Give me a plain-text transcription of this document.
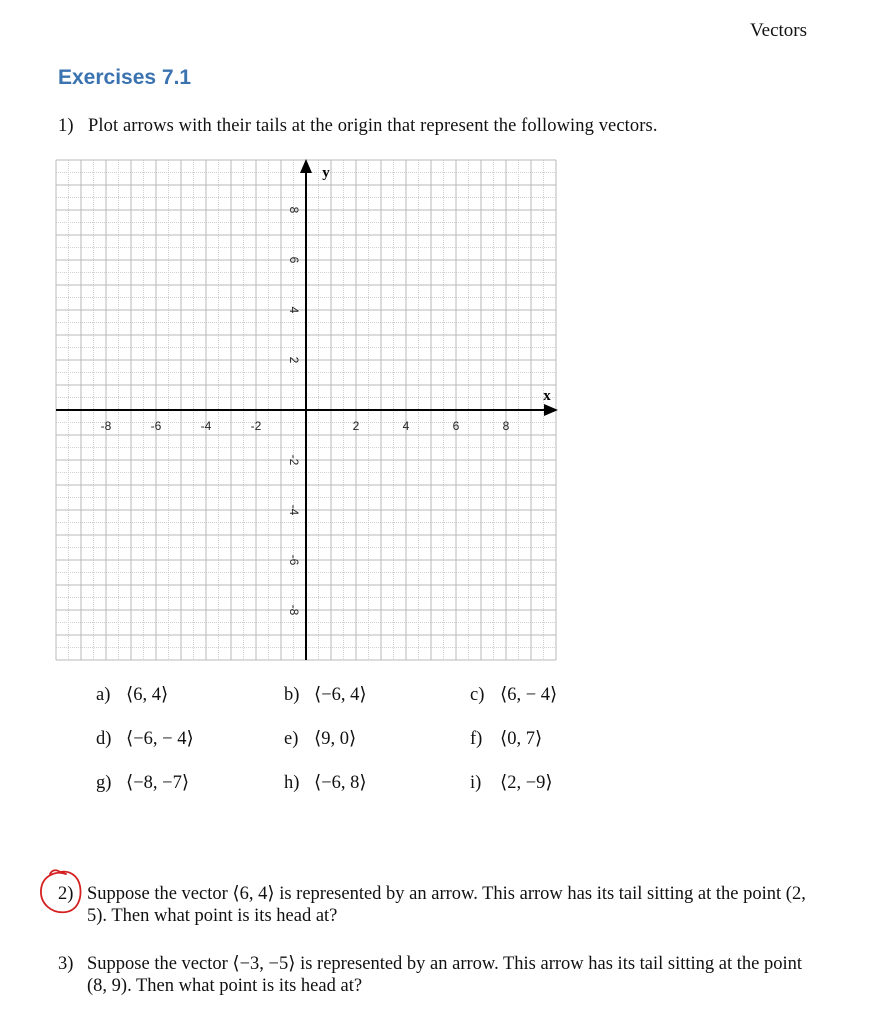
Vectors
Exercises 7.1
1) Plot arrows with their tails at the origin that represent the following vectors.
x
y
-8	-6	-4	-2	2	4	6	8
8
6
4
2
-2
-4
-6
-8
a) ⟨6, 4⟩	b) ⟨−6, 4⟩	c) ⟨6, − 4⟩
d) ⟨−6, − 4⟩	e) ⟨9, 0⟩	f) ⟨0, 7⟩
g) ⟨−8, −7⟩	h) ⟨−6, 8⟩	i) ⟨2, −9⟩
2) Suppose the vector ⟨6, 4⟩ is represented by an arrow. This arrow has its tail sitting at the point (2, 5). Then what point is its head at?
3) Suppose the vector ⟨−3, −5⟩ is represented by an arrow. This arrow has its tail sitting at the point (8, 9). Then what point is its head at?
